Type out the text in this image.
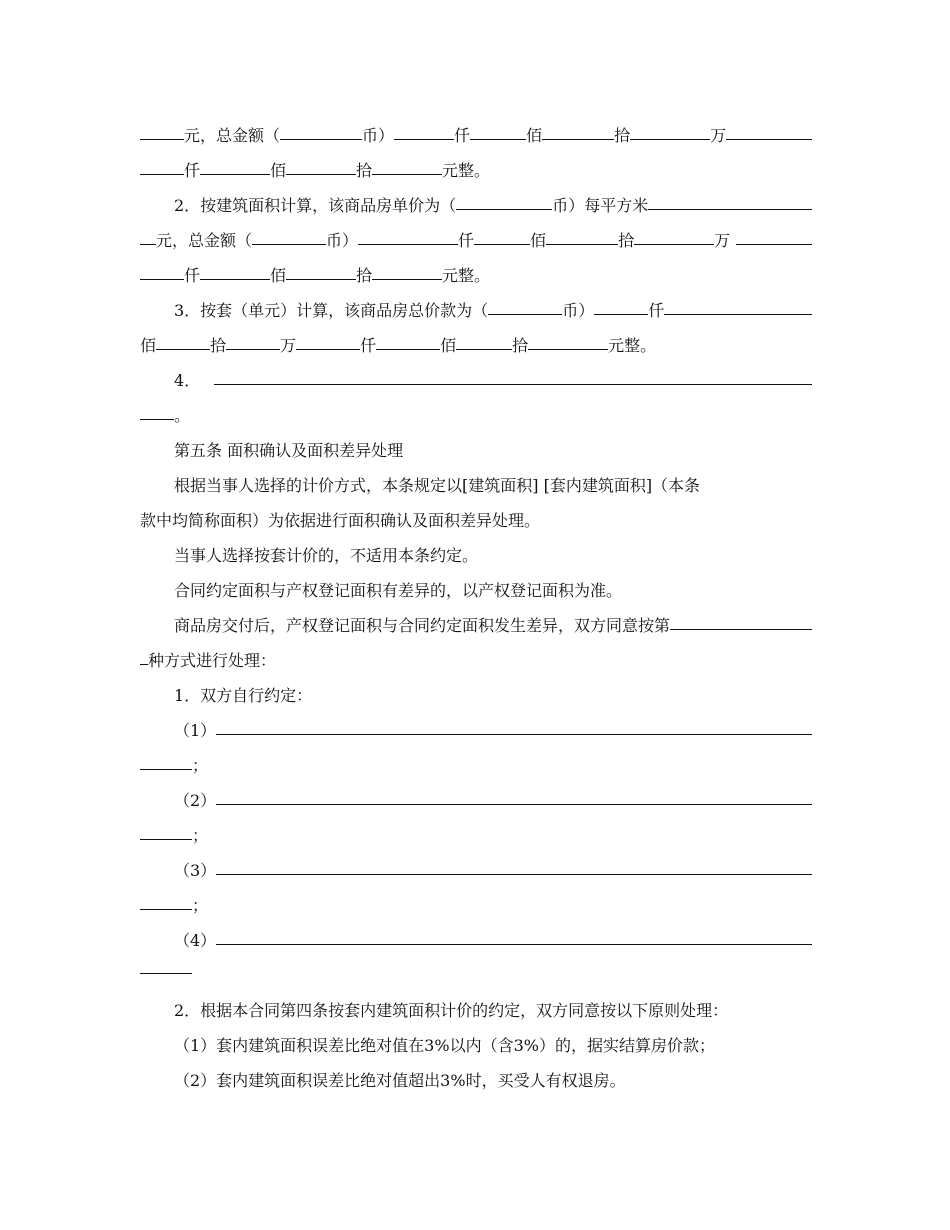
元，总金额（	币）	仟	佰	拾	万
仟	佰	拾	元整。
2．按建筑面积计算，该商品房单价为（	币）每平方米
元，总金额（	币）	仟	佰	拾	万
仟	佰	拾	元整。
3．按套（单元）计算，该商品房总价款为（	币）	仟
佰	拾	万	仟	佰	拾	元整。
4．
。
第五条 面积确认及面积差异处理
根据当事人选择的计价方式，本条规定以[建筑面积] [套内建筑面积]（本条
款中均简称面积）为依据进行面积确认及面积差异处理。
当事人选择按套计价的，不适用本条约定。
合同约定面积与产权登记面积有差异的，以产权登记面积为准。
商品房交付后，产权登记面积与合同约定面积发生差异，双方同意按第
种方式进行处理：
1．双方自行约定：
（1）
；
（2）
；
（3）
；
（4）
2．根据本合同第四条按套内建筑面积计价的约定，双方同意按以下原则处理：
（1）套内建筑面积误差比绝对值在3%以内（含3%）的，据实结算房价款；
（2）套内建筑面积误差比绝对值超出3%时，买受人有权退房。
